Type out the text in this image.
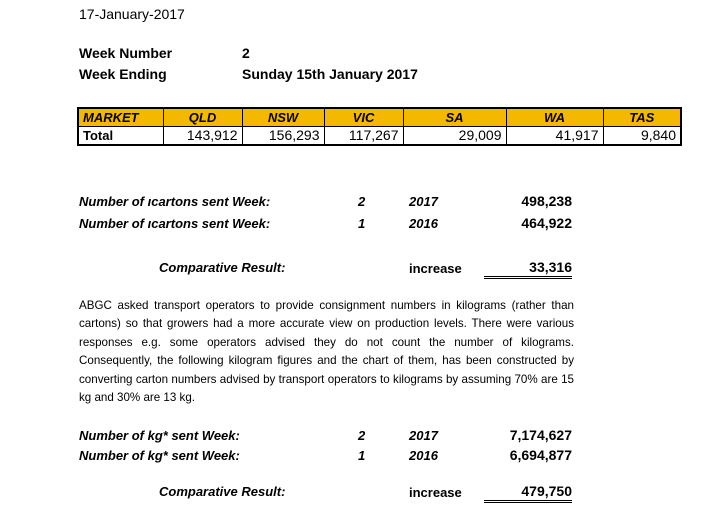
17-January-2017
Week Number	2
Week Ending	Sunday 15th January 2017
MARKET	QLD	NSW	VIC	SA	WA	TAS
Total	143,912	156,293	117,267	29,009	41,917	9,840
Number of ıcartons sent Week:	2	2017	498,238
Number of ıcartons sent Week:	1	2016	464,922
Comparative Result:	increase	33,316
ABGC asked transport operators to provide consignment numbers in kilograms (rather than cartons) so that growers had a more accurate view on production levels. There were various responses e.g. some operators advised they do not count the number of kilograms. Consequently, the following kilogram figures and the chart of them, has been constructed by converting carton numbers advised by transport operators to kilograms by assuming 70% are 15 kg and 30% are 13 kg.
Number of kg* sent Week:	2	2017	7,174,627
Number of kg* sent Week:	1	2016	6,694,877
Comparative Result:	increase	479,750
